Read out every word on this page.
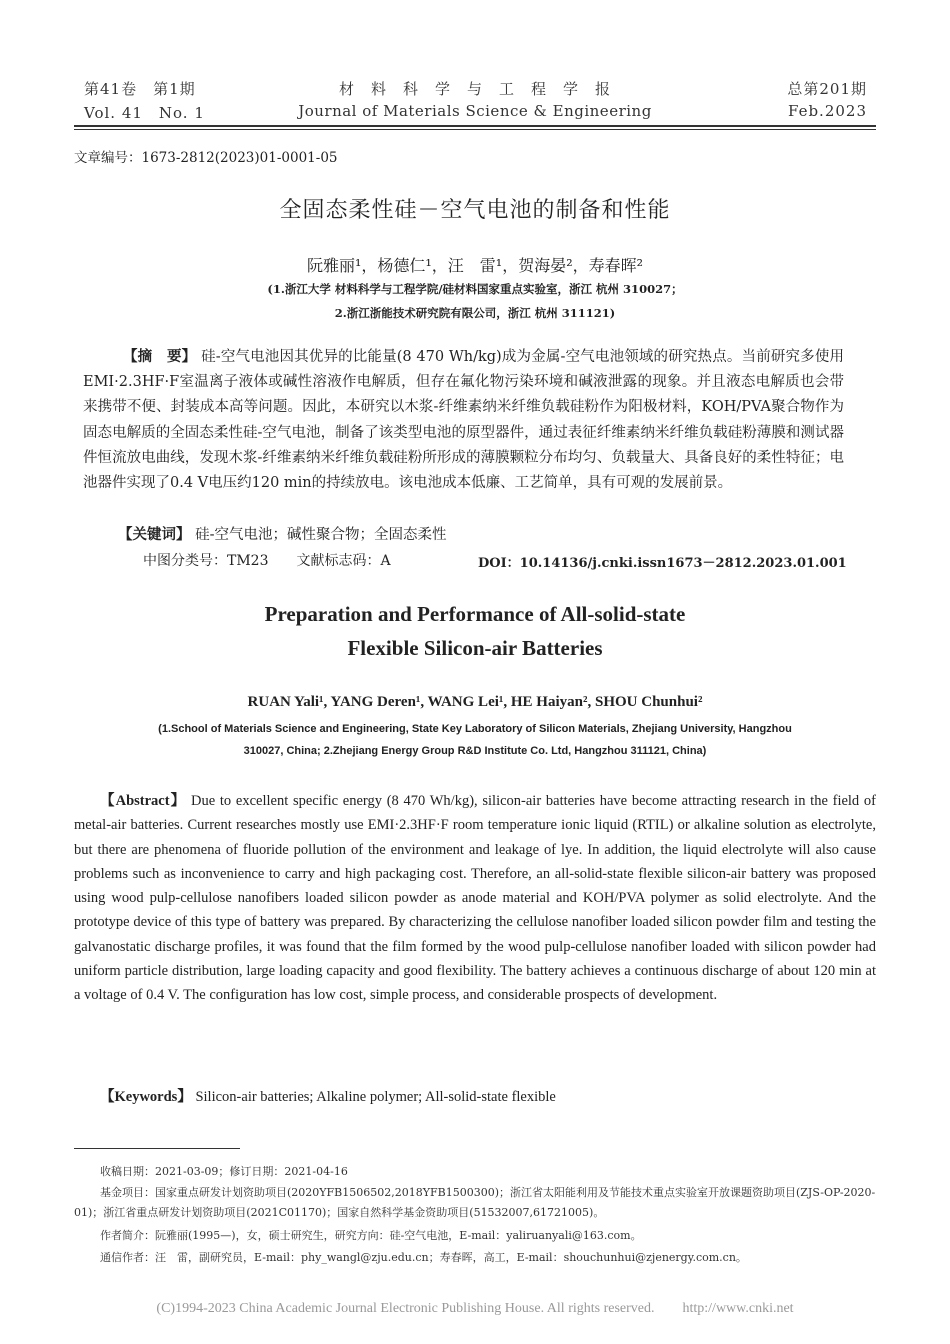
第41卷　第1期
Vol. 41　No. 1
材　料　科　学　与　工　程　学　报
Journal of Materials Science & Engineering
总第201期
Feb.2023
文章编号：1673-2812(2023)01-0001-05
全固态柔性硅－空气电池的制备和性能
阮雅丽¹，杨德仁¹，汪　雷¹，贺海晏²，寿春晖²
(1.浙江大学 材料科学与工程学院/硅材料国家重点实验室，浙江 杭州 310027；
2.浙江浙能技术研究院有限公司，浙江 杭州 311121)
【摘　要】 硅-空气电池因其优异的比能量(8 470 Wh/kg)成为金属-空气电池领域的研究热点。当前研究多使用EMI·2.3HF·F室温离子液体或碱性溶液作电解质，但存在氟化物污染环境和碱液泄露的现象。并且液态电解质也会带来携带不便、封装成本高等问题。因此，本研究以木浆-纤维素纳米纤维负载硅粉作为阳极材料，KOH/PVA聚合物作为固态电解质的全固态柔性硅-空气电池，制备了该类型电池的原型器件，通过表征纤维素纳米纤维负载硅粉薄膜和测试器件恒流放电曲线，发现木浆-纤维素纳米纤维负载硅粉所形成的薄膜颗粒分布均匀、负载量大、具备良好的柔性特征；电池器件实现了0.4 V电压约120 min的持续放电。该电池成本低廉、工艺简单，具有可观的发展前景。
【关键词】 硅-空气电池；碱性聚合物；全固态柔性
中图分类号：TM23　　文献标志码：A	DOI：10.14136/j.cnki.issn1673－2812.2023.01.001
Preparation and Performance of All-solid-state
Flexible Silicon-air Batteries
RUAN Yali¹, YANG Deren¹, WANG Lei¹, HE Haiyan², SHOU Chunhui²
(1.School of Materials Science and Engineering, State Key Laboratory of Silicon Materials, Zhejiang University, Hangzhou
310027, China; 2.Zhejiang Energy Group R&D Institute Co. Ltd, Hangzhou 311121, China)
【Abstract】 Due to excellent specific energy (8 470 Wh/kg), silicon-air batteries have become attracting research in the field of metal-air batteries. Current researches mostly use EMI·2.3HF·F room temperature ionic liquid (RTIL) or alkaline solution as electrolyte, but there are phenomena of fluoride pollution of the environment and leakage of lye. In addition, the liquid electrolyte will also cause problems such as inconvenience to carry and high packaging cost. Therefore, an all-solid-state flexible silicon-air battery was proposed using wood pulp-cellulose nanofibers loaded silicon powder as anode material and KOH/PVA polymer as solid electrolyte. And the prototype device of this type of battery was prepared. By characterizing the cellulose nanofiber loaded silicon powder film and testing the galvanostatic discharge profiles, it was found that the film formed by the wood pulp-cellulose nanofiber loaded with silicon powder had uniform particle distribution, large loading capacity and good flexibility. The battery achieves a continuous discharge of about 120 min at a voltage of 0.4 V. The configuration has low cost, simple process, and considerable prospects of development.
【Keywords】 Silicon-air batteries; Alkaline polymer; All-solid-state flexible
收稿日期：2021-03-09；修订日期：2021-04-16
基金项目：国家重点研发计划资助项目(2020YFB1506502,2018YFB1500300)；浙江省太阳能利用及节能技术重点实验室开放课题资助项目(ZJS-OP-2020-01)；浙江省重点研发计划资助项目(2021C01170)；国家自然科学基金资助项目(51532007,61721005)。
作者简介：阮雅丽(1995—)，女，硕士研究生，研究方向：硅-空气电池，E-mail：yaliruanyali@163.com。
通信作者：汪　雷，副研究员，E-mail：phy_wangl@zju.edu.cn；寿春晖，高工，E-mail：shouchunhui@zjenergy.com.cn。
(C)1994-2023 China Academic Journal Electronic Publishing House. All rights reserved.　　http://www.cnki.net
